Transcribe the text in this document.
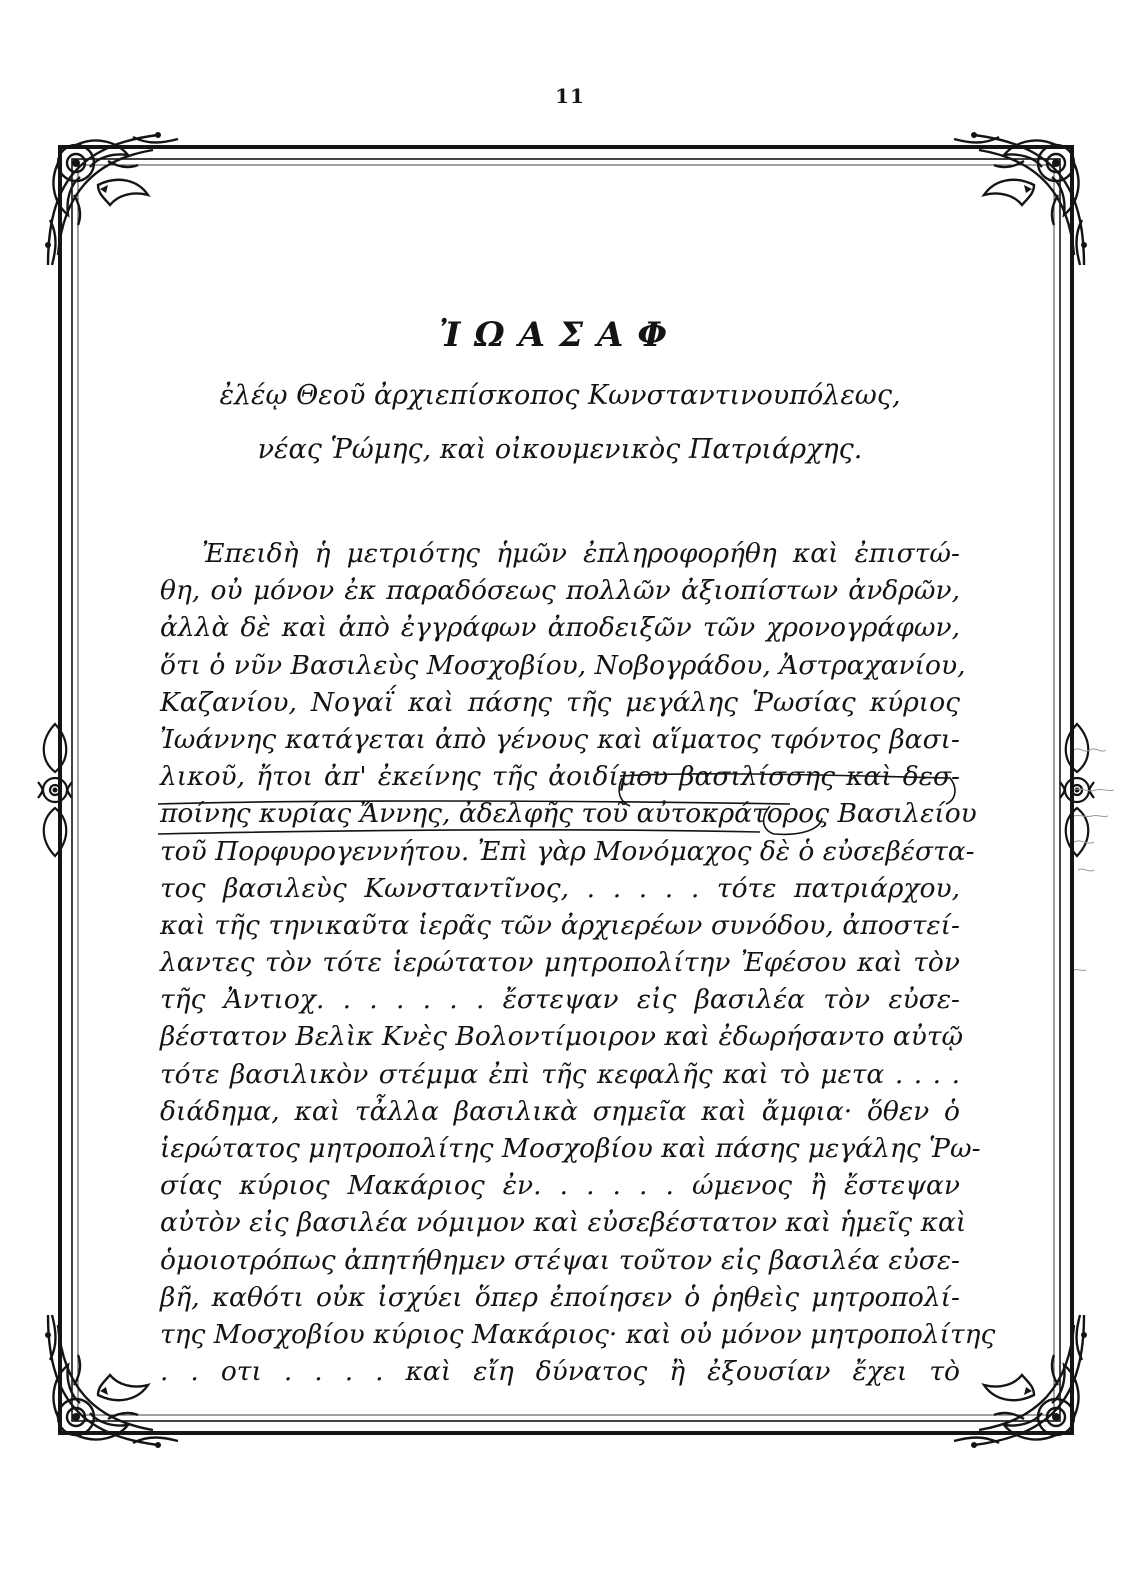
11
ἸΩΑΣΑΦ

ἐλέῳ Θεοῦ ἀρχιεπίσκοπος Κωνσταντινουπόλεως,

νέας Ῥώμης, καὶ οἰκουμενικὸς Πατριάρχης.

Ἐπειδὴ ἡ μετριότης ἡμῶν ἐπληροφορήθη καὶ ἐπιστώ-
θη, οὐ μόνον ἐκ παραδόσεως πολλῶν ἀξιοπίστων ἀνδρῶν,
ἀλλὰ δὲ καὶ ἀπὸ ἐγγράφων ἀποδειξῶν τῶν χρονογράφων,
ὅτι ὁ νῦν Βασιλεὺς Μοσχοβίου, Νοβογράδου, Ἀστραχανίου,
Καζανίου, Νογαΐ καὶ πάσης τῆς μεγάλης Ῥωσίας κύριος
Ἰωάννης κατάγεται ἀπὸ γένους καὶ αἵματος τφόντος βασι-
λικοῦ, ἤτοι ἀπ' ἐκείνης τῆς ἀοιδίμου βασιλίσσης καὶ δεσ-
ποίνης κυρίας Ἄννης, ἀδελφῆς τοῦ αὐτοκράτορος Βασιλείου
τοῦ Πορφυρογεννήτου. Ἐπὶ γὰρ Μονόμαχος δὲ ὁ εὐσεβέστα-
τος βασιλεὺς Κωνσταντῖνος, . . . . . τότε πατριάρχου,
καὶ τῆς τηνικαῦτα ἱερᾶς τῶν ἀρχιερέων συνόδου, ἀποστεί-
λαντες τὸν τότε ἱερώτατον μητροπολίτην Ἐφέσου καὶ τὸν
τῆς Ἀντιοχ. . . . . . . ἔστεψαν εἰς βασιλέα τὸν εὐσε-
βέστατον Βελὶκ Κνὲς Βολοντίμοιρον καὶ ἐδωρήσαντο αὐτῷ
τότε βασιλικὸν στέμμα ἐπὶ τῆς κεφαλῆς καὶ τὸ μετα . . . .
διάδημα, καὶ τἆλλα βασιλικὰ σημεῖα καὶ ἄμφια· ὅθεν ὁ
ἱερώτατος μητροπολίτης Μοσχοβίου καὶ πάσης μεγάλης Ῥω-
σίας κύριος Μακάριος ἐν. . . . . . ώμενος ἢ ἔστεψαν
αὐτὸν εἰς βασιλέα νόμιμον καὶ εὐσεβέστατον καὶ ἡμεῖς καὶ
ὁμοιοτρόπως ἀπητήθημεν στέψαι τοῦτον εἰς βασιλέα εὐσε-
βῆ, καθότι οὐκ ἰσχύει ὅπερ ἐποίησεν ὁ ῥηθεὶς μητροπολί-
της Μοσχοβίου κύριος Μακάριος· καὶ οὐ μόνον μητροπολίτης
. . οτι . . . . καὶ εἴη δύνατος ἢ ἐξουσίαν ἔχει τὸ
